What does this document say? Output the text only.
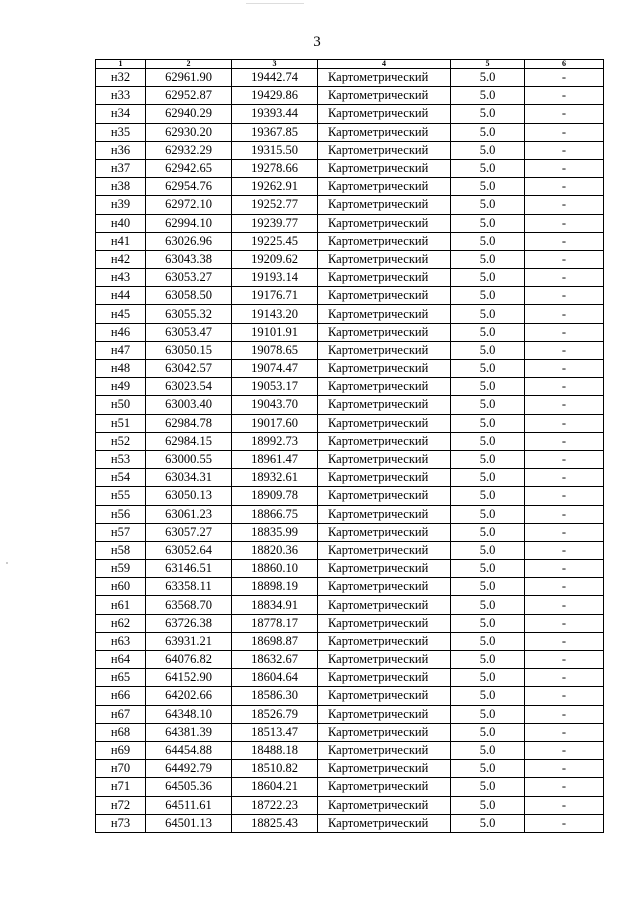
3
1	2	3	4	5	6
н32	62961.90	19442.74	Картометрический	5.0	-
н33	62952.87	19429.86	Картометрический	5.0	-
н34	62940.29	19393.44	Картометрический	5.0	-
н35	62930.20	19367.85	Картометрический	5.0	-
н36	62932.29	19315.50	Картометрический	5.0	-
н37	62942.65	19278.66	Картометрический	5.0	-
н38	62954.76	19262.91	Картометрический	5.0	-
н39	62972.10	19252.77	Картометрический	5.0	-
н40	62994.10	19239.77	Картометрический	5.0	-
н41	63026.96	19225.45	Картометрический	5.0	-
н42	63043.38	19209.62	Картометрический	5.0	-
н43	63053.27	19193.14	Картометрический	5.0	-
н44	63058.50	19176.71	Картометрический	5.0	-
н45	63055.32	19143.20	Картометрический	5.0	-
н46	63053.47	19101.91	Картометрический	5.0	-
н47	63050.15	19078.65	Картометрический	5.0	-
н48	63042.57	19074.47	Картометрический	5.0	-
н49	63023.54	19053.17	Картометрический	5.0	-
н50	63003.40	19043.70	Картометрический	5.0	-
н51	62984.78	19017.60	Картометрический	5.0	-
н52	62984.15	18992.73	Картометрический	5.0	-
н53	63000.55	18961.47	Картометрический	5.0	-
н54	63034.31	18932.61	Картометрический	5.0	-
н55	63050.13	18909.78	Картометрический	5.0	-
н56	63061.23	18866.75	Картометрический	5.0	-
н57	63057.27	18835.99	Картометрический	5.0	-
н58	63052.64	18820.36	Картометрический	5.0	-
н59	63146.51	18860.10	Картометрический	5.0	-
н60	63358.11	18898.19	Картометрический	5.0	-
н61	63568.70	18834.91	Картометрический	5.0	-
н62	63726.38	18778.17	Картометрический	5.0	-
н63	63931.21	18698.87	Картометрический	5.0	-
н64	64076.82	18632.67	Картометрический	5.0	-
н65	64152.90	18604.64	Картометрический	5.0	-
н66	64202.66	18586.30	Картометрический	5.0	-
н67	64348.10	18526.79	Картометрический	5.0	-
н68	64381.39	18513.47	Картометрический	5.0	-
н69	64454.88	18488.18	Картометрический	5.0	-
н70	64492.79	18510.82	Картометрический	5.0	-
н71	64505.36	18604.21	Картометрический	5.0	-
н72	64511.61	18722.23	Картометрический	5.0	-
н73	64501.13	18825.43	Картометрический	5.0	-
